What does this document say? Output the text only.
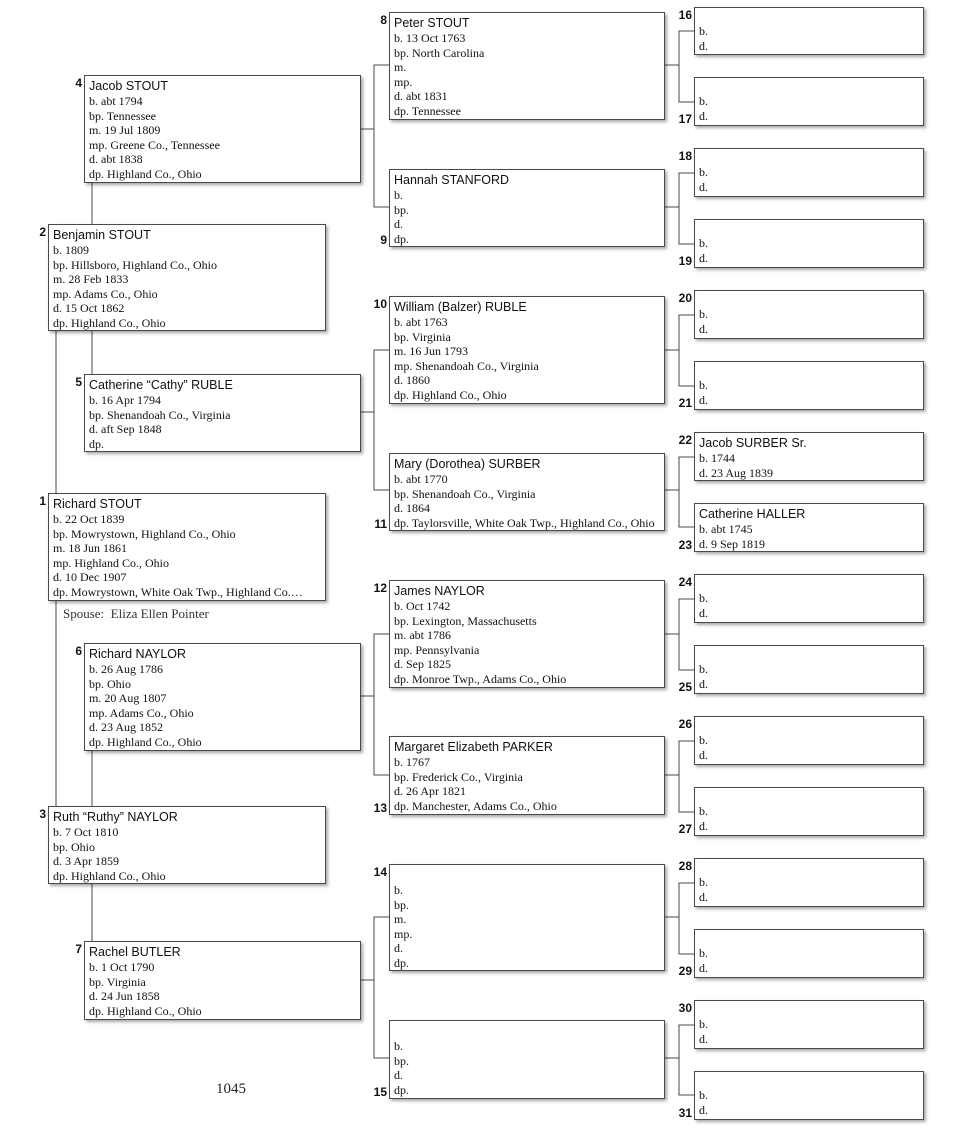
1 Richard STOUT
b. 22 Oct 1839
bp. Mowrystown, Highland Co., Ohio
m. 18 Jun 1861
mp. Highland Co., Ohio
d. 10 Dec 1907
dp. Mowrystown, White Oak Twp., Highland Co.…
2 Benjamin STOUT
b. 1809
bp. Hillsboro, Highland Co., Ohio
m. 28 Feb 1833
mp. Adams Co., Ohio
d. 15 Oct 1862
dp. Highland Co., Ohio
3 Ruth “Ruthy” NAYLOR
b. 7 Oct 1810
bp. Ohio
d. 3 Apr 1859
dp. Highland Co., Ohio
4 Jacob STOUT
b. abt 1794
bp. Tennessee
m. 19 Jul 1809
mp. Greene Co., Tennessee
d. abt 1838
dp. Highland Co., Ohio
5 Catherine “Cathy” RUBLE
b. 16 Apr 1794
bp. Shenandoah Co., Virginia
d. aft Sep 1848
dp.
6 Richard NAYLOR
b. 26 Aug 1786
bp. Ohio
m. 20 Aug 1807
mp. Adams Co., Ohio
d. 23 Aug 1852
dp. Highland Co., Ohio
7 Rachel BUTLER
b. 1 Oct 1790
bp. Virginia
d. 24 Jun 1858
dp. Highland Co., Ohio
8 Peter STOUT
b. 13 Oct 1763
bp. North Carolina
m.
mp.
d. abt 1831
dp. Tennessee
9
Hannah STANFORD
b.
bp.
d.
dp.
10 William (Balzer) RUBLE
b. abt 1763
bp. Virginia
m. 16 Jun 1793
mp. Shenandoah Co., Virginia
d. 1860
dp. Highland Co., Ohio
11
Mary (Dorothea) SURBER
b. abt 1770
bp. Shenandoah Co., Virginia
d. 1864
dp. Taylorsville, White Oak Twp., Highland Co., Ohio
12 James NAYLOR
b. Oct 1742
bp. Lexington, Massachusetts
m. abt 1786
mp. Pennsylvania
d. Sep 1825
dp. Monroe Twp., Adams Co., Ohio
13
Margaret Elizabeth PARKER
b. 1767
bp. Frederick Co., Virginia
d. 26 Apr 1821
dp. Manchester, Adams Co., Ohio
14
b.
bp.
m.
mp.
d.
dp.
15
b.
bp.
d.
dp.
16
b.
d.
17
b.
d.
18
b.
d.
19
b.
d.
20
b.
d.
21
b.
d.
22 Jacob SURBER Sr.
b. 1744
d. 23 Aug 1839
23
Catherine HALLER
b. abt 1745
d. 9 Sep 1819
24
b.
d.
25
b.
d.
26
b.
d.
27
b.
d.
28
b.
d.
29
b.
d.
30
b.
d.
31
b.
d.
Spouse: Eliza Ellen Pointer
1045
